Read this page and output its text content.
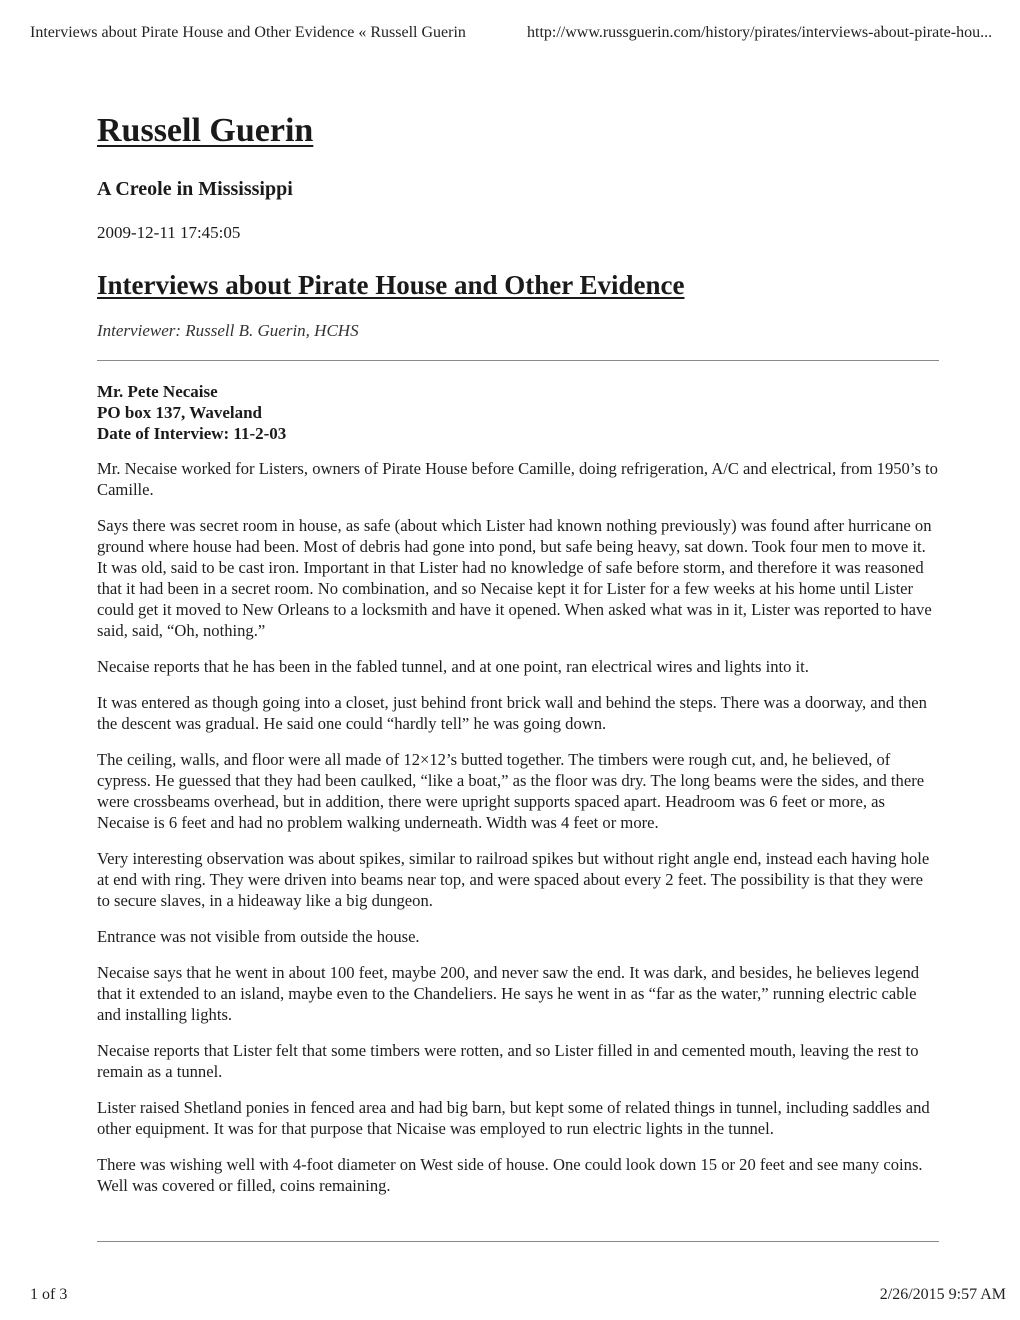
Interviews about Pirate House and Other Evidence « Russell Guerin	http://www.russguerin.com/history/pirates/interviews-about-pirate-hou...
Russell Guerin
A Creole in Mississippi
2009-12-11 17:45:05
Interviews about Pirate House and Other Evidence
Interviewer: Russell B. Guerin, HCHS
Mr. Pete Necaise
PO box 137, Waveland
Date of Interview: 11-2-03

Mr. Necaise worked for Listers, owners of Pirate House before Camille, doing refrigeration, A/C and electrical, from 1950’s to Camille.

Says there was secret room in house, as safe (about which Lister had known nothing previously) was found after hurricane on ground where house had been. Most of debris had gone into pond, but safe being heavy, sat down. Took four men to move it. It was old, said to be cast iron. Important in that Lister had no knowledge of safe before storm, and therefore it was reasoned that it had been in a secret room. No combination, and so Necaise kept it for Lister for a few weeks at his home until Lister could get it moved to New Orleans to a locksmith and have it opened. When asked what was in it, Lister was reported to have said, said, “Oh, nothing.”

Necaise reports that he has been in the fabled tunnel, and at one point, ran electrical wires and lights into it.

It was entered as though going into a closet, just behind front brick wall and behind the steps. There was a doorway, and then the descent was gradual. He said one could “hardly tell” he was going down.

The ceiling, walls, and floor were all made of 12×12’s butted together. The timbers were rough cut, and, he believed, of cypress. He guessed that they had been caulked, “like a boat,” as the floor was dry. The long beams were the sides, and there were crossbeams overhead, but in addition, there were upright supports spaced apart. Headroom was 6 feet or more, as Necaise is 6 feet and had no problem walking underneath. Width was 4 feet or more.

Very interesting observation was about spikes, similar to railroad spikes but without right angle end, instead each having hole at end with ring. They were driven into beams near top, and were spaced about every 2 feet. The possibility is that they were to secure slaves, in a hideaway like a big dungeon.

Entrance was not visible from outside the house.

Necaise says that he went in about 100 feet, maybe 200, and never saw the end. It was dark, and besides, he believes legend that it extended to an island, maybe even to the Chandeliers. He says he went in as “far as the water,” running electric cable and installing lights.

Necaise reports that Lister felt that some timbers were rotten, and so Lister filled in and cemented mouth, leaving the rest to remain as a tunnel.

Lister raised Shetland ponies in fenced area and had big barn, but kept some of related things in tunnel, including saddles and other equipment. It was for that purpose that Nicaise was employed to run electric lights in the tunnel.

There was wishing well with 4-foot diameter on West side of house. One could look down 15 or 20 feet and see many coins. Well was covered or filled, coins remaining.

1 of 3	2/26/2015 9:57 AM
